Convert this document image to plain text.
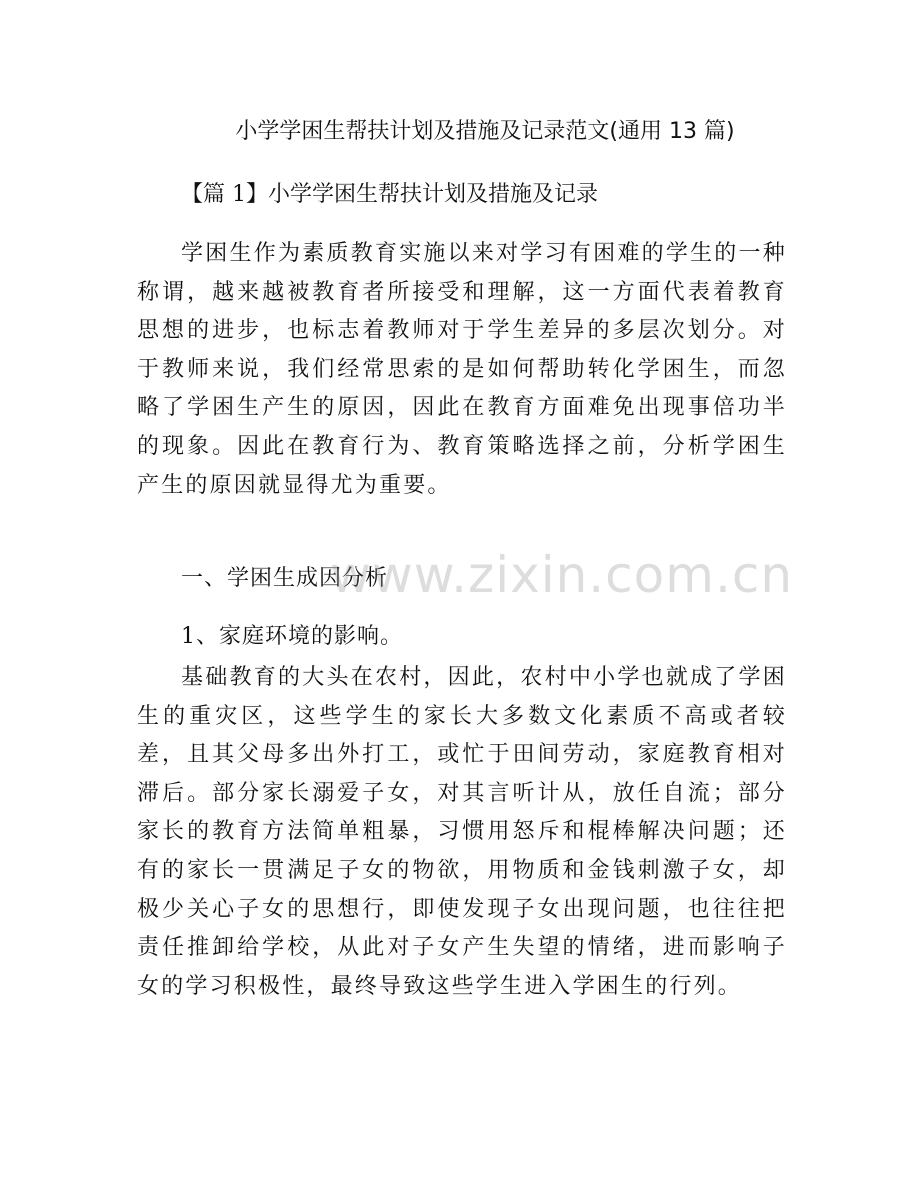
小学学困生帮扶计划及措施及记录范文(通用 13 篇)
【篇 1】小学学困生帮扶计划及措施及记录
学困生作为素质教育实施以来对学习有困难的学生的一种称谓，越来越被教育者所接受和理解，这一方面代表着教育思想的进步，也标志着教师对于学生差异的多层次划分。对于教师来说，我们经常思索的是如何帮助转化学困生，而忽略了学困生产生的原因，因此在教育方面难免出现事倍功半的现象。因此在教育行为、教育策略选择之前，分析学困生产生的原因就显得尤为重要。
一、学困生成因分析
1、家庭环境的影响。
基础教育的大头在农村，因此，农村中小学也就成了学困生的重灾区，这些学生的家长大多数文化素质不高或者较差，且其父母多出外打工，或忙于田间劳动，家庭教育相对滞后。部分家长溺爱子女，对其言听计从，放任自流；部分家长的教育方法简单粗暴，习惯用怒斥和棍棒解决问题；还有的家长一贯满足子女的物欲，用物质和金钱刺激子女，却极少关心子女的思想行，即使发现子女出现问题，也往往把责任推卸给学校，从此对子女产生失望的情绪，进而影响子女的学习积极性，最终导致这些学生进入学困生的行列。
www.zixin.com.cn
